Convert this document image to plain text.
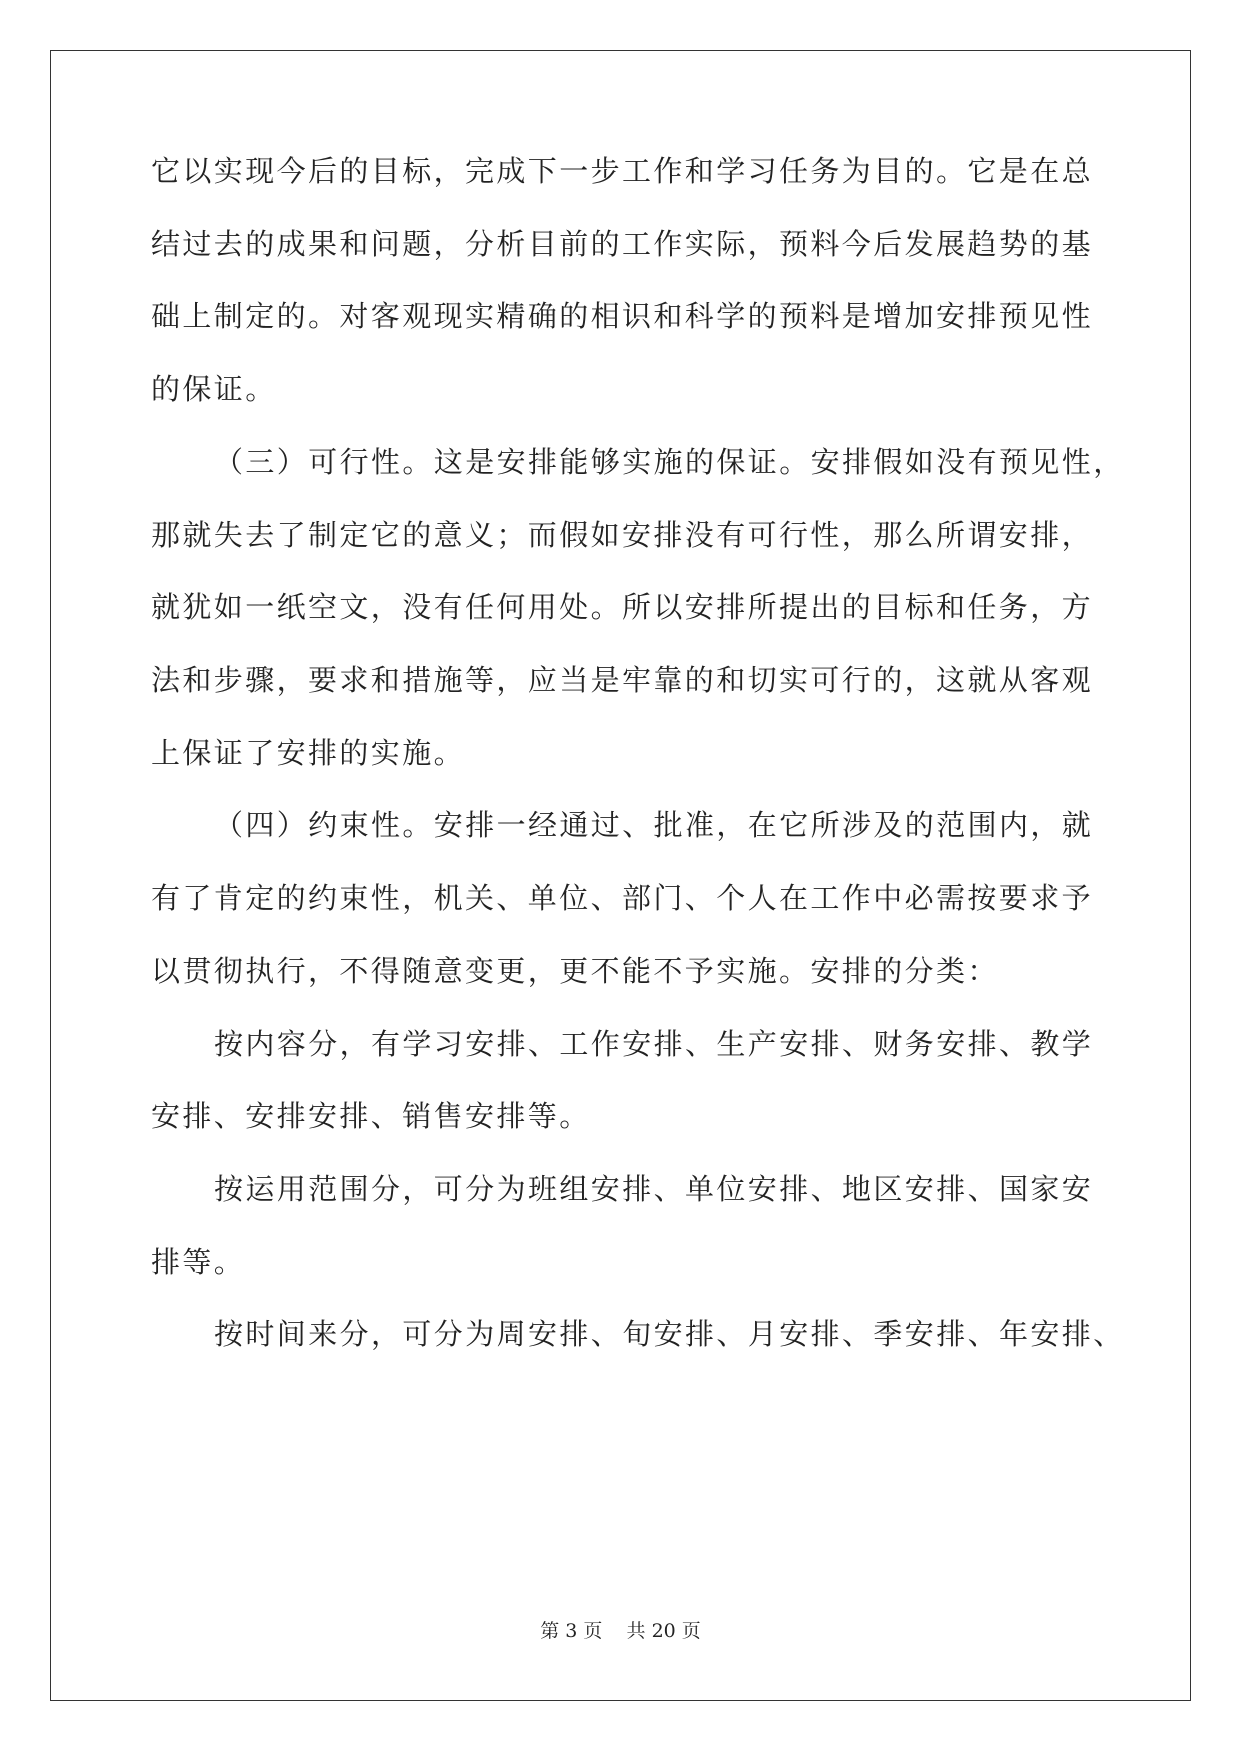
它以实现今后的目标，完成下一步工作和学习任务为目的。它是在总
结过去的成果和问题，分析目前的工作实际，预料今后发展趋势的基
础上制定的。对客观现实精确的相识和科学的预料是增加安排预见性
的保证。
（三）可行性。这是安排能够实施的保证。安排假如没有预见性，
那就失去了制定它的意义；而假如安排没有可行性，那么所谓安排，
就犹如一纸空文，没有任何用处。所以安排所提出的目标和任务，方
法和步骤，要求和措施等，应当是牢靠的和切实可行的，这就从客观
上保证了安排的实施。
（四）约束性。安排一经通过、批准，在它所涉及的范围内，就
有了肯定的约束性，机关、单位、部门、个人在工作中必需按要求予
以贯彻执行，不得随意变更，更不能不予实施。安排的分类：
按内容分，有学习安排、工作安排、生产安排、财务安排、教学
安排、安排安排、销售安排等。
按运用范围分，可分为班组安排、单位安排、地区安排、国家安
排等。
按时间来分，可分为周安排、旬安排、月安排、季安排、年安排、
第 3 页    共 20 页
